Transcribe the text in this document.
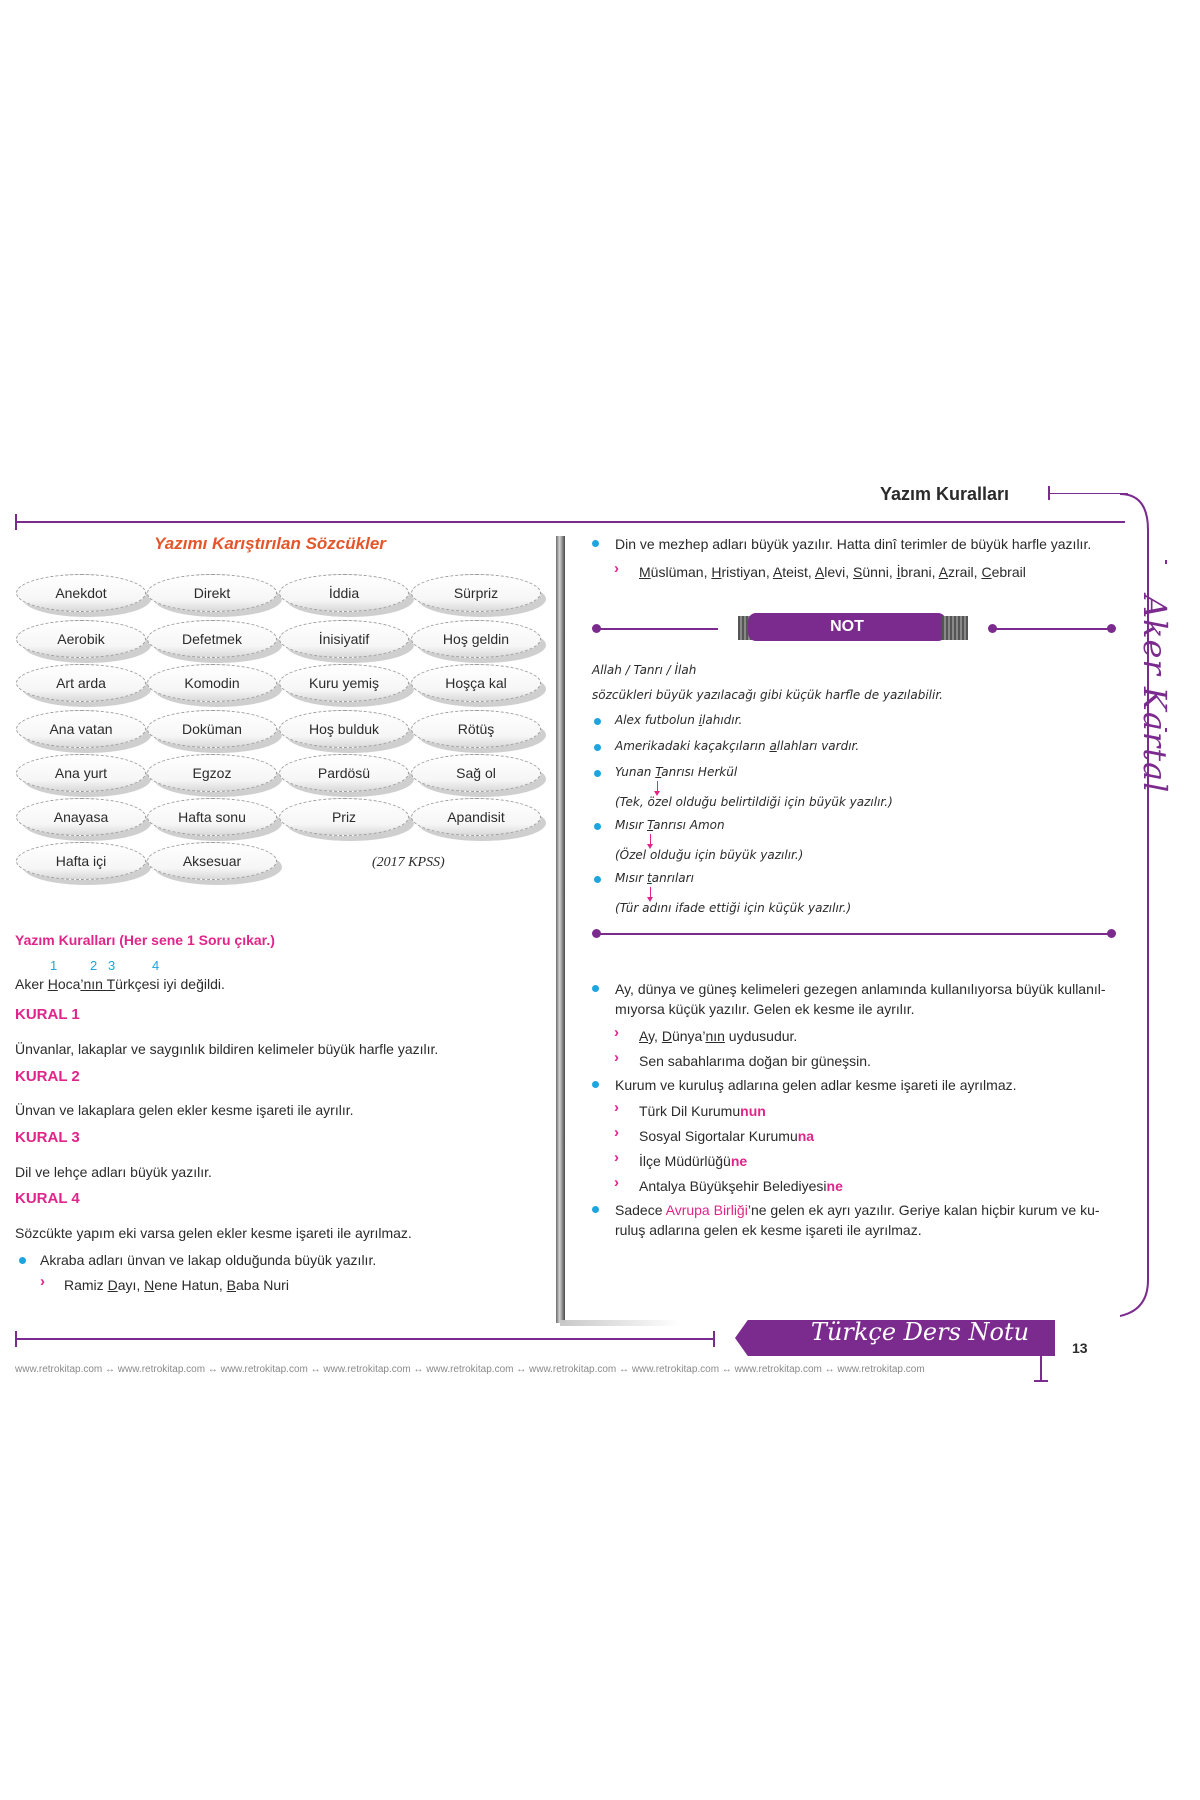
Yazım Kuralları
Aker Kartal
Yazımı Karıştırılan Sözcükler
Anekdot	Direkt	İddia	Sürpriz
Aerobik	Defetmek	İnisiyatif	Hoş geldin
Art arda	Komodin	Kuru yemiş	Hoşça kal
Ana vatan	Doküman	Hoş bulduk	Rötüş
Ana yurt	Egzoz	Pardösü	Sağ ol
Anayasa	Hafta sonu	Priz	Apandisit
Hafta içi	Aksesuar	(2017 KPSS)
Yazım Kuralları (Her sene 1 Soru çıkar.)
1	2 3	4
Aker Hoca’nın Türkçesi iyi değildi.
KURAL 1
Ünvanlar, lakaplar ve saygınlık bildiren kelimeler büyük harfle yazılır.
KURAL 2
Ünvan ve lakaplara gelen ekler kesme işareti ile ayrılır.
KURAL 3
Dil ve lehçe adları büyük yazılır.
KURAL 4
Sözcükte yapım eki varsa gelen ekler kesme işareti ile ayrılmaz.
Akraba adları ünvan ve lakap olduğunda büyük yazılır.
› Ramiz Dayı, Nene Hatun, Baba Nuri
Din ve mezhep adları büyük yazılır. Hatta dinî terimler de büyük harfle yazılır.
› Müslüman, Hristiyan, Ateist, Alevi, Sünni, İbrani, Azrail, Cebrail
NOT
Allah / Tanrı / İlah
sözcükleri büyük yazılacağı gibi küçük harfle de yazılabilir.
Alex futbolun ilahıdır.
Amerikadaki kaçakçıların allahları vardır.
Yunan Tanrısı Herkül
(Tek, özel olduğu belirtildiği için büyük yazılır.)
Mısır Tanrısı Amon
(Özel olduğu için büyük yazılır.)
Mısır tanrıları
(Tür adını ifade ettiği için küçük yazılır.)
Ay, dünya ve güneş kelimeleri gezegen anlamında kullanılıyorsa büyük kullanıl-
mıyorsa küçük yazılır. Gelen ek kesme ile ayrılır.
› Ay, Dünya’nın uydusudur.
› Sen sabahlarıma doğan bir güneşsin.
Kurum ve kuruluş adlarına gelen adlar kesme işareti ile ayrılmaz.
› Türk Dil Kurumunun
› Sosyal Sigortalar Kurumuna
› İlçe Müdürlüğüne
› Antalya Büyükşehir Belediyesine
Sadece Avrupa Birliği’ne gelen ek ayrı yazılır. Geriye kalan hiçbir kurum ve ku-
ruluş adlarına gelen ek kesme işareti ile ayrılmaz.
Türkçe Ders Notu
13
www.retrokitap.com ↔ www.retrokitap.com ↔ www.retrokitap.com ↔ www.retrokitap.com ↔ www.retrokitap.com ↔ www.retrokitap.com ↔ www.retrokitap.com ↔ www.retrokitap.com ↔ www.retrokitap.com
